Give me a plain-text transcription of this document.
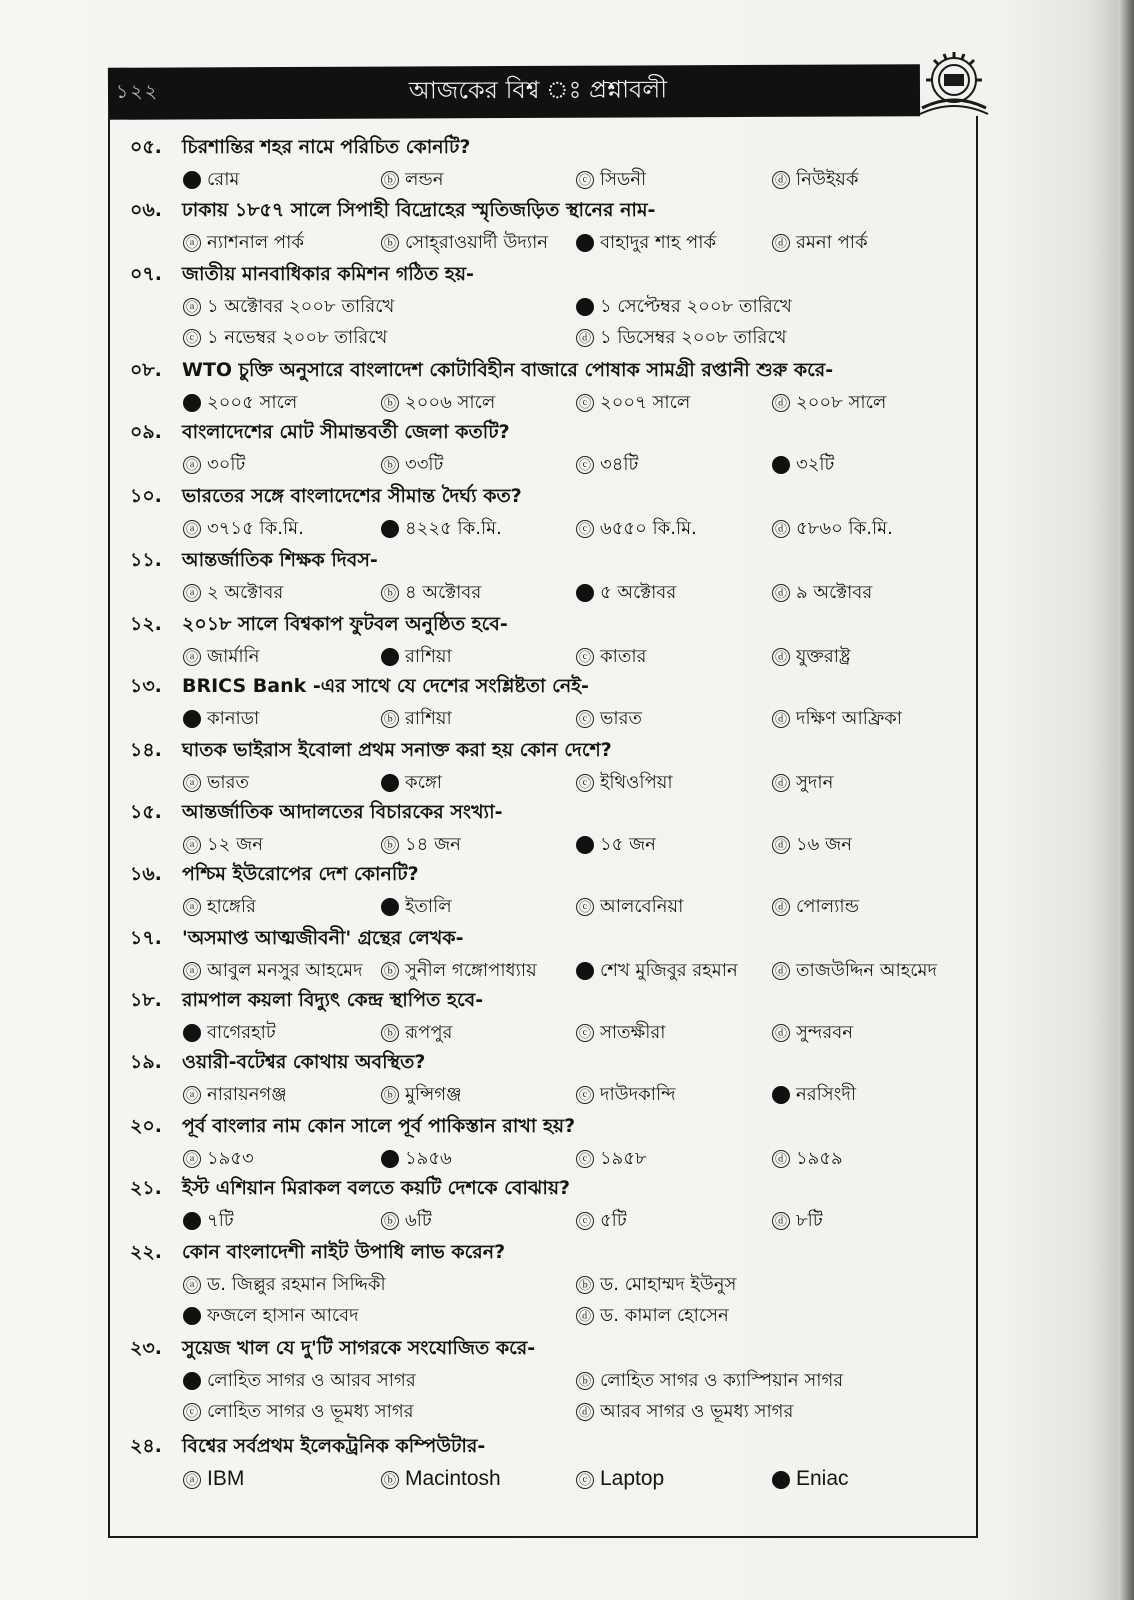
১২২	আজকের বিশ্ব ঃ প্রশ্নাবলী
০৫. চিরশান্তির শহর নামে পরিচিত কোনটি?
রোম	ⓑ লন্ডন	ⓒ সিডনী	ⓓ নিউইয়র্ক
০৬. ঢাকায় ১৮৫৭ সালে সিপাহী বিদ্রোহের স্মৃতিজড়িত স্থানের নাম-
ⓐ ন্যাশনাল পার্ক	ⓑ সোহ্‌রাওয়ার্দী উদ্যান	বাহাদুর শাহ পার্ক	ⓓ রমনা পার্ক
০৭. জাতীয় মানবাধিকার কমিশন গঠিত হয়-
ⓐ ১ অক্টোবর ২০০৮ তারিখে	১ সেপ্টেম্বর ২০০৮ তারিখে
ⓒ ১ নভেম্বর ২০০৮ তারিখে	ⓓ ১ ডিসেম্বর ২০০৮ তারিখে
০৮. WTO চুক্তি অনুসারে বাংলাদেশ কোটাবিহীন বাজারে পোষাক সামগ্রী রপ্তানী শুরু করে-
২০০৫ সালে	ⓑ ২০০৬ সালে	ⓒ ২০০৭ সালে	ⓓ ২০০৮ সালে
০৯. বাংলাদেশের মোট সীমান্তবর্তী জেলা কতটি?
ⓐ ৩০টি	ⓑ ৩৩টি	ⓒ ৩৪টি	৩২টি
১০. ভারতের সঙ্গে বাংলাদেশের সীমান্ত দৈর্ঘ্য কত?
ⓐ ৩৭১৫ কি.মি.	৪২২৫ কি.মি.	ⓒ ৬৫৫০ কি.মি.	ⓓ ৫৮৬০ কি.মি.
১১. আন্তর্জাতিক শিক্ষক দিবস-
ⓐ ২ অক্টোবর	ⓑ ৪ অক্টোবর	৫ অক্টোবর	ⓓ ৯ অক্টোবর
১২. ২০১৮ সালে বিশ্বকাপ ফুটবল অনুষ্ঠিত হবে-
ⓐ জার্মানি	রাশিয়া	ⓒ কাতার	ⓓ যুক্তরাষ্ট্র
১৩. BRICS Bank -এর সাথে যে দেশের সংশ্লিষ্টতা নেই-
কানাডা	ⓑ রাশিয়া	ⓒ ভারত	ⓓ দক্ষিণ আফ্রিকা
১৪. ঘাতক ভাইরাস ইবোলা প্রথম সনাক্ত করা হয় কোন দেশে?
ⓐ ভারত	কঙ্গো	ⓒ ইথিওপিয়া	ⓓ সুদান
১৫. আন্তর্জাতিক আদালতের বিচারকের সংখ্যা-
ⓐ ১২ জন	ⓑ ১৪ জন	১৫ জন	ⓓ ১৬ জন
১৬. পশ্চিম ইউরোপের দেশ কোনটি?
ⓐ হাঙ্গেরি	ইতালি	ⓒ আলবেনিয়া	ⓓ পোল্যান্ড
১৭. 'অসমাপ্ত আত্মজীবনী' গ্রন্থের লেখক-
ⓐ আবুল মনসুর আহমেদ ⓑ সুনীল গঙ্গোপাধ্যায়	শেখ মুজিবুর রহমান	ⓓ তাজউদ্দিন আহমেদ
১৮. রামপাল কয়লা বিদ্যুৎ কেন্দ্র স্থাপিত হবে-
বাগেরহাট	ⓑ রূপপুর	ⓒ সাতক্ষীরা	ⓓ সুন্দরবন
১৯. ওয়ারী-বটেশ্বর কোথায় অবস্থিত?
ⓐ নারায়নগঞ্জ	ⓑ মুন্সিগঞ্জ	ⓒ দাউদকান্দি	নরসিংদী
২০. পূর্ব বাংলার নাম কোন সালে পূর্ব পাকিস্তান রাখা হয়?
ⓐ ১৯৫৩	১৯৫৬	ⓒ ১৯৫৮	ⓓ ১৯৫৯
২১. ইস্ট এশিয়ান মিরাকল বলতে কয়টি দেশকে বোঝায়?
৭টি	ⓑ ৬টি	ⓒ ৫টি	ⓓ ৮টি
২২. কোন বাংলাদেশী নাইট উপাধি লাভ করেন?
ⓐ ড. জিল্লুর রহমান সিদ্দিকী	ⓑ ড. মোহাম্মদ ইউনুস
ফজলে হাসান আবেদ	ⓓ ড. কামাল হোসেন
২৩. সুয়েজ খাল যে দু'টি সাগরকে সংযোজিত করে-
লোহিত সাগর ও আরব সাগর	ⓑ লোহিত সাগর ও ক্যাস্পিয়ান সাগর
ⓒ লোহিত সাগর ও ভূমধ্য সাগর	ⓓ আরব সাগর ও ভূমধ্য সাগর
২৪. বিশ্বের সর্বপ্রথম ইলেকট্রনিক কম্পিউটার-
ⓐ IBM	ⓑ Macintosh	ⓒ Laptop	Eniac
